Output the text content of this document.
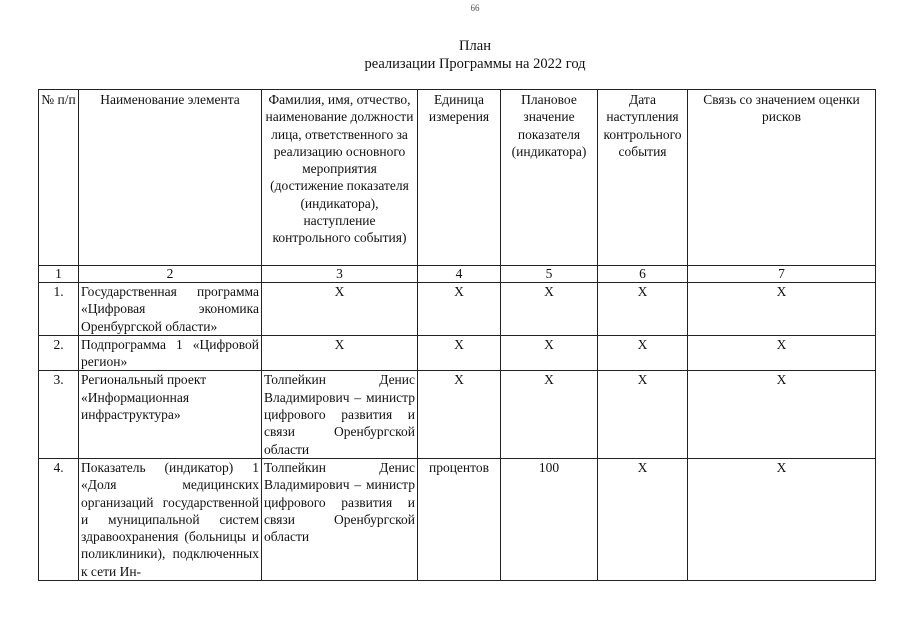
66
План
реализации Программы на 2022 год
№ п/п	Наименование элемента	Фамилия, имя, отчество, наименование должности лица, ответственного за реализацию основного мероприятия (достижение показателя (индикатора), наступление контрольного события)	Единица измерения	Плановое значение показателя (индикатора)	Дата наступления контрольного события	Связь со значением оценки рисков
1	2	3	4	5	6	7
1.	Государственная программа «Цифровая экономика Оренбургской области»	Х	Х	Х	Х	Х
2.	Подпрограмма 1 «Цифровой регион»	Х	Х	Х	Х	Х
3.	Региональный проект «Информационная инфраструктура»	Толпейкин Денис Владимирович – министр цифрового развития и связи Оренбургской области	Х	Х	Х	Х
4.	Показатель (индикатор) 1 «Доля медицинских организаций государственной и муниципальной систем здравоохранения (больницы и поликлиники), подключенных к сети Ин-	Толпейкин Денис Владимирович – министр цифрового развития и связи Оренбургской области	процентов	100	Х	Х
